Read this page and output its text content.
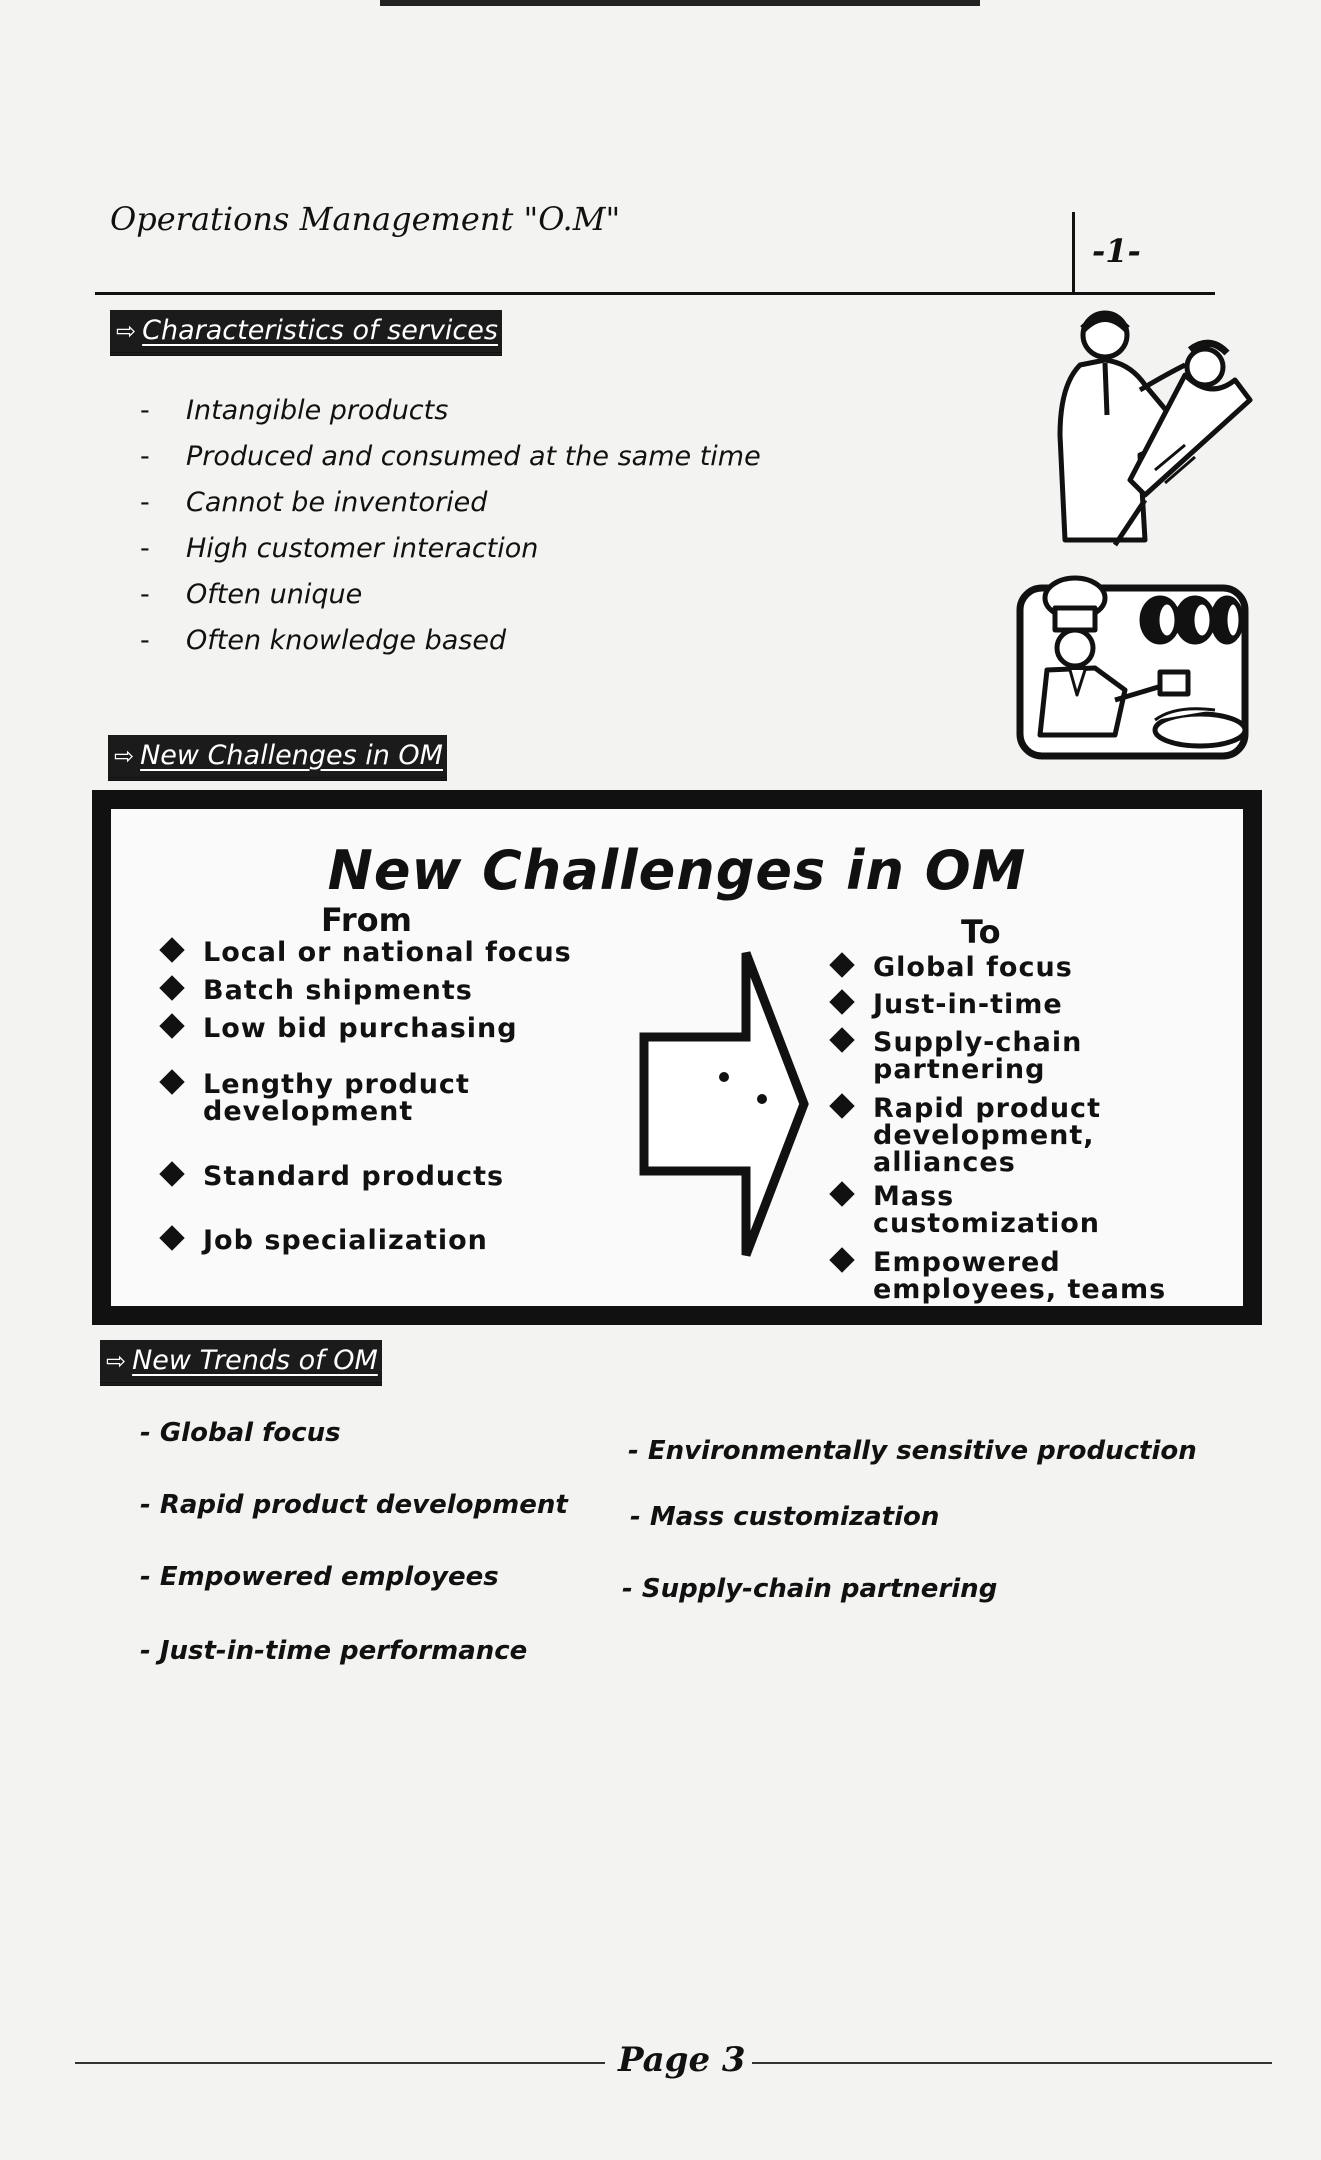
Operations Management "O.M"
-1-
⇨ Characteristics of services
- Intangible products
- Produced and consumed at the same time
- Cannot be inventoried
- High customer interaction
- Often unique
- Often knowledge based
⇨ New Challenges in OM
New Challenges in OM
From	To
Local or national focus
Batch shipments
Low bid purchasing
Lengthy product development
Standard products
Job specialization
Global focus
Just-in-time
Supply-chain partnering
Rapid product development, alliances
Mass customization
Empowered employees, teams
⇨ New Trends of OM
- Global focus
- Rapid product development
- Empowered employees
- Just-in-time performance
- Environmentally sensitive production
- Mass customization
- Supply-chain partnering
Page 3
